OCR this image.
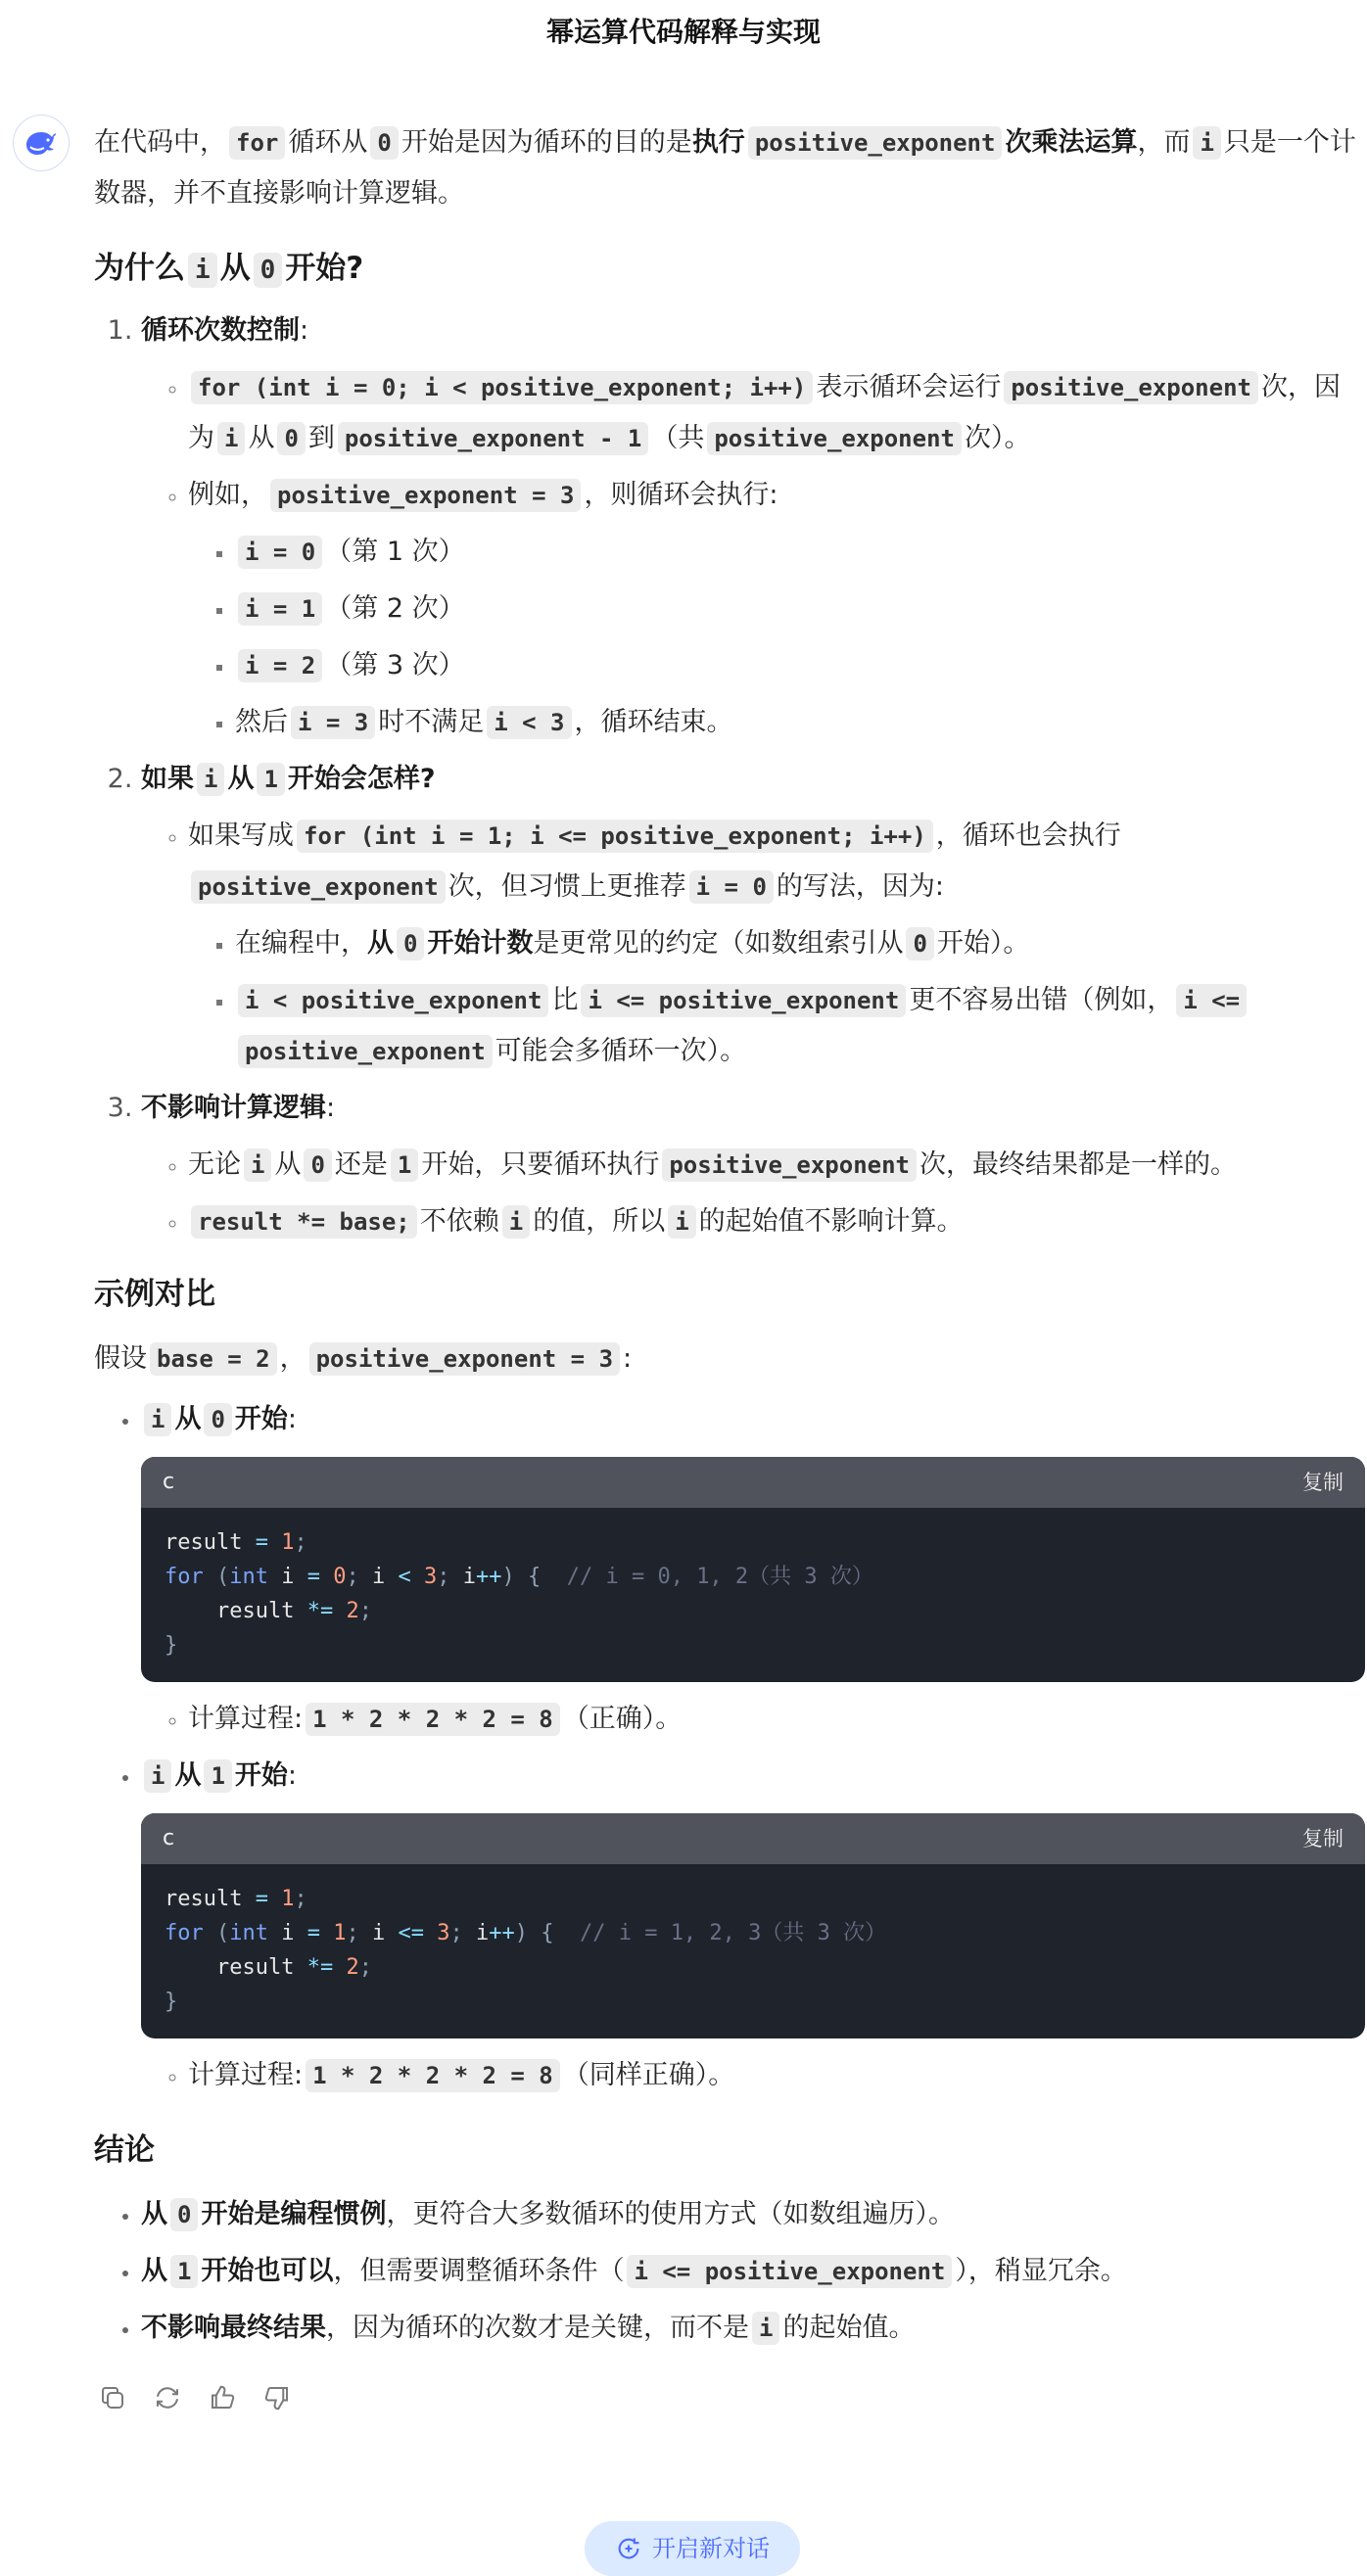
幂运算代码解释与实现

在代码中， for 循环从 0 开始是因为循环的目的是执行 positive_exponent 次乘法运算，而 i 只是一个计数器，并不直接影响计算逻辑。

为什么 i 从 0 开始?
1. 循环次数控制:
◦ for (int i = 0; i < positive_exponent; i++) 表示循环会运行 positive_exponent 次，因为 i 从 0 到 positive_exponent - 1 （共 positive_exponent 次）。
◦ 例如， positive_exponent = 3 ，则循环会执行:
▪ i = 0 （第 1 次）
▪ i = 1 （第 2 次）
▪ i = 2 （第 3 次）
▪ 然后 i = 3 时不满足 i < 3 ，循环结束。
2. 如果 i 从 1 开始会怎样?
◦ 如果写成 for (int i = 1; i <= positive_exponent; i++) ，循环也会执行positive_exponent 次，但习惯上更推荐 i = 0 的写法，因为:
▪ 在编程中，从 0 开始计数是更常见的约定（如数组索引从 0 开始）。
▪ i < positive_exponent 比 i <= positive_exponent 更不容易出错（例如， i <=
positive_exponent 可能会多循环一次）。
3. 不影响计算逻辑:
◦ 无论 i 从 0 还是 1 开始，只要循环执行 positive_exponent 次，最终结果都是一样的。
◦ result *= base; 不依赖 i 的值，所以 i 的起始值不影响计算。
示例对比

假设 base = 2 ， positive_exponent = 3 :

• i 从 0 开始:
c	复制
result = 1;
for (int i = 0; i < 3; i++) {  // i = 0, 1, 2（共 3 次）
result *= 2;
}
◦ 计算过程: 1 * 2 * 2 * 2 = 8 （正确）。
• i 从 1 开始:
c	复制
result = 1;
for (int i = 1; i <= 3; i++) {  // i = 1, 2, 3（共 3 次）
result *= 2;
}
◦ 计算过程: 1 * 2 * 2 * 2 = 8 （同样正确）。
结论
• 从 0 开始是编程惯例，更符合大多数循环的使用方式（如数组遍历）。
• 从 1 开始也可以，但需要调整循环条件（ i <= positive_exponent ），稍显冗余。
• 不影响最终结果，因为循环的次数才是关键，而不是 i 的起始值。
开启新对话
